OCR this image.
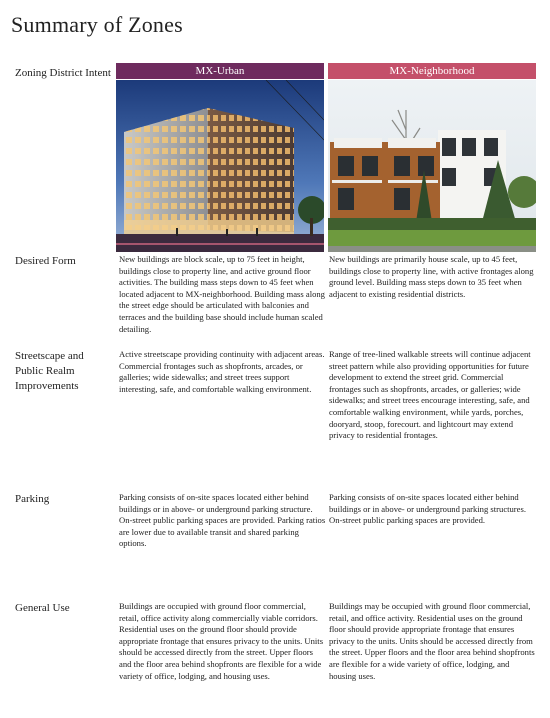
Summary of Zones
MX-Urban	MX-Neighborhood
Zoning District Intent
Desired Form
Streetscape and Public Realm Improvements
Parking
General Use
New buildings are block scale, up to 75 feet in height, buildings close to property line, and active ground floor activities. The building mass steps down to 45 feet when located adjacent to MX-neighborhood. Building mass along the street edge should be articulated with balconies and terraces and the building base should include human scaled detailing.
New buildings are primarily house scale, up to 45 feet, buildings close to property line, with active frontages along ground level. Building mass steps down to 35 feet when adjacent to existing residential districts.
Active streetscape providing continuity with adjacent areas. Commercial frontages such as shopfronts, arcades, or galleries; wide sidewalks; and street trees support interesting, safe, and comfortable walking environment.
Range of tree-lined walkable streets will continue adjacent street pattern while also providing opportunities for future development to extend the street grid. Commercial frontages such as shopfronts, arcades, or galleries; wide sidewalks; and street trees encourage interesting, safe, and comfortable walking environment, while yards, porches, dooryard, stoop, forecourt. and lightcourt may extend privacy to residential frontages.
Parking consists of on-site spaces located either behind buildings or in above- or underground parking structure. On-street public parking spaces are provided. Parking ratios are lower due to available transit and shared parking options.
Parking consists of on-site spaces located either behind buildings or in above- or underground parking structures. On-street public parking spaces are provided.
Buildings are occupied with ground floor commercial, retail, office activity along commercially viable corridors. Residential uses on the ground floor should provide appropriate frontage that ensures privacy to the units. Units should be accessed directly from the street. Upper floors and the floor area behind shopfronts are flexible for a wide variety of office, lodging, and housing uses.
Buildings may be occupied with ground floor commercial, retail, and office activity. Residential uses on the ground floor should provide appropriate frontage that ensures privacy to the units. Units should be accessed directly from the street. Upper floors and the floor area behind shopfronts are flexible for a wide variety of office, lodging, and housing uses.
